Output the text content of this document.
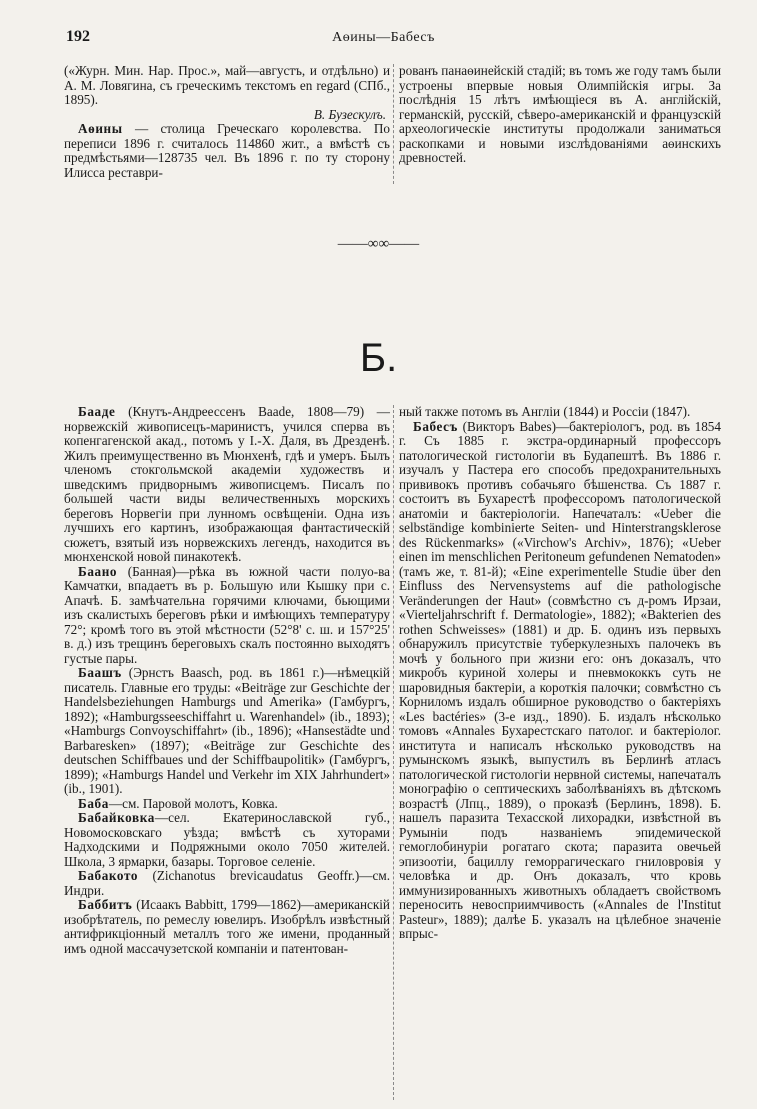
192	Аѳины—Бабесъ

(«Журн. Мин. Нар. Прос.», май—августъ, и отдѣльно) и А. М. Ловягина, съ греческимъ текстомъ en regard (СПб., 1895).

В. Бузескулъ.

Аѳины — столица Греческаго королевства. По переписи 1896 г. считалось 114860 жит., а вмѣстѣ съ предмѣстьями—128735 чел. Въ 1896 г. по ту сторону Илисса реставри-

рованъ панаѳинейскій стадій; въ томъ же году тамъ были устроены впервые новыя Олимпійскія игры. За послѣднія 15 лѣтъ имѣющіеся въ А. англійскій, германскій, русскій, сѣверо-американскій и французскій археологическіе институты продолжали заниматься раскопками и новыми изслѣдованіями аѳинскихъ древностей.

——∞∞——
Б.

Бааде (Кнутъ-Андреессенъ Baade, 1808—79) — норвежскій живописецъ-маринистъ, учился сперва въ копенгагенской акад., потомъ у I.-X. Даля, въ Дрезденѣ. Жилъ преимущественно въ Мюнхенѣ, гдѣ и умеръ. Былъ членомъ стокгольмской академіи художествъ и шведскимъ придворнымъ живописцемъ. Писалъ по большей части виды величественныхъ морскихъ береговъ Норвегіи при лунномъ освѣщеніи. Одна изъ лучшихъ его картинъ, изображающая фантастическій сюжетъ, взятый изъ норвежскихъ легендъ, находится въ мюнхенской новой пинакотекѣ.

Баано (Банная)—рѣка въ южной части полуо-ва Камчатки, впадаетъ въ р. Большую или Кышку при с. Апачѣ. Б. замѣчательна горячими ключами, бьющими изъ скалистыхъ береговъ рѣки и имѣющихъ температуру 72°; кромѣ того въ этой мѣстности (52°8' с. ш. и 157°25' в. д.) изъ трещинъ береговыхъ скалъ постоянно выходятъ густые пары.

Баашъ (Эрнстъ Baasch, род. въ 1861 г.)—нѣмецкій писатель. Главные его труды: «Beiträge zur Geschichte der Handelsbeziehungen Hamburgs und Amerika» (Гамбургъ, 1892); «Hamburgsseeschiffahrt u. Warenhandel» (ib., 1893); «Hamburgs Convoyschiffahrt» (ib., 1896); «Hansestädte und Barbaresken» (1897); «Beiträge zur Geschichte des deutschen Schiffbaues und der Schiffbaupolitik» (Гамбургъ, 1899); «Hamburgs Handel und Verkehr im XIX Jahrhundert» (ib., 1901).

Баба—см. Паровой молотъ, Ковка.

Бабайковка—сел. Екатеринославской губ., Новомосковскаго уѣзда; вмѣстѣ съ хуторами Надходскими и Подряжными около 7050 жителей. Школа, 3 ярмарки, базары. Торговое селеніе.

Бабакото (Zichanotus brevicaudatus Geoffr.)—см. Индри.

Баббитъ (Исаакъ Babbitt, 1799—1862)—американскій изобрѣтатель, по ремеслу ювелиръ. Изобрѣлъ извѣстный антифрикціонный металлъ того же имени, проданный имъ одной массачузетской компаніи и патентован-

ный также потомъ въ Англіи (1844) и Россіи (1847).

Бабесъ (Викторъ Babes)—бактеріологъ, род. въ 1854 г. Съ 1885 г. экстра-ординарный профессоръ патологической гистологіи въ Будапештѣ. Въ 1886 г. изучалъ у Пастера его способъ предохранительныхъ прививокъ противъ собачьяго бѣшенства. Съ 1887 г. состоитъ въ Бухарестѣ профессоромъ патологической анатоміи и бактеріологіи. Напечаталъ: «Ueber die selbständige kombinierte Seiten- und Hinterstrangsklerose des Rückenmarks» («Virchow's Archiv», 1876); «Ueber einen im menschlichen Peritoneum gefundenen Nematoden» (тамъ же, т. 81-й); «Eine experimentelle Studie über den Einfluss des Nervensystems auf die pathologische Veränderungen der Haut» (совмѣстно съ д-ромъ Ирзаи, «Vierteljahrschrift f. Dermatologie», 1882); «Bakterien des rothen Schweisses» (1881) и др. Б. одинъ изъ первыхъ обнаружилъ присутствіе туберкулезныхъ палочекъ въ мочѣ у больного при жизни его: онъ доказалъ, что микробъ куриной холеры и пневмококкъ суть не шаровидныя бактеріи, а короткія палочки; совмѣстно съ Корниломъ издалъ обширное руководство о бактеріяхъ «Les bactéries» (3-е изд., 1890). Б. издалъ нѣсколько томовъ «Annales Бухарестскаго патолог. и бактеріолог. института и написалъ нѣсколько руководствъ на румынскомъ языкѣ, выпустилъ въ Берлинѣ атласъ патологической гистологіи нервной системы, напечаталъ монографію о септическихъ заболѣваніяхъ въ дѣтскомъ возрастѣ (Лпц., 1889), о проказѣ (Берлинъ, 1898). Б. нашелъ паразита Техасской лихорадки, извѣстной въ Румыніи подъ названіемъ эпидемической гемоглобинуріи рогатаго скота; паразита овечьей эпизоотіи, бациллу геморрагическаго гниловровія у человѣка и др. Онъ доказалъ, что кровь иммунизированныхъ животныхъ обладаетъ свойствомъ переносить невосприимчивость («Annales de l'Institut Pasteur», 1889); далѣе Б. указалъ на цѣлебное значеніе впрыс-
